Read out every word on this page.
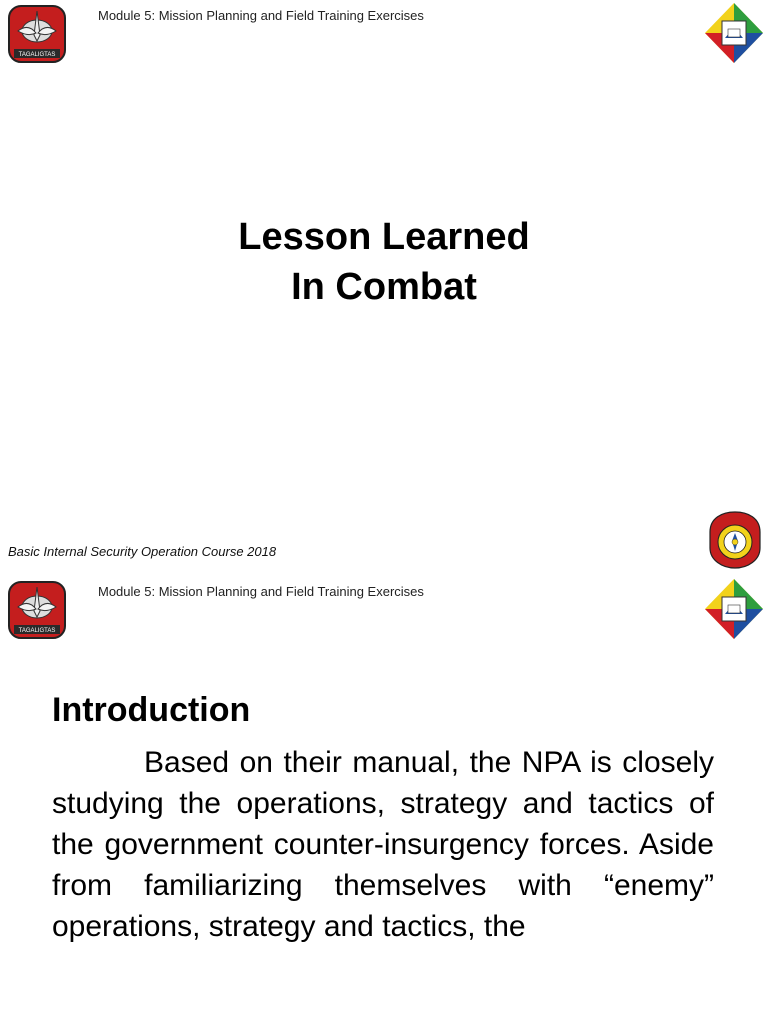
Module 5: Mission Planning and Field Training Exercises
TAGALIGTAS
Lesson Learned
In Combat
Basic Internal Security Operation Course 2018
Module 5: Mission Planning and Field Training Exercises
TAGALIGTAS
Introduction
Based on their manual, the NPA is closely studying the operations, strategy and tactics of the government counter-insurgency forces. Aside from familiarizing themselves with “enemy” operations, strategy and tactics, the
